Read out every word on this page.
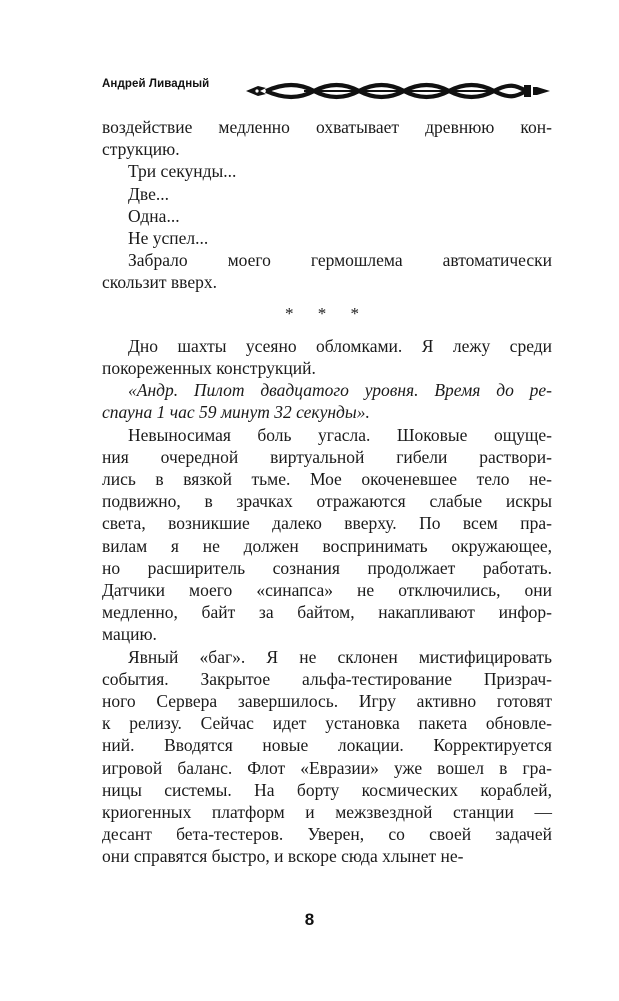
Андрей Ливадный

воздействие медленно охватывает древнюю кон-
струкцию.

Три секунды...

Две...

Одна...

Не успел...

Забрало моего гермошлема автоматически
скользит вверх.

* * *

Дно шахты усеяно обломками. Я лежу среди
покореженных конструкций.

«Андр. Пилот двадцатого уровня. Время до ре-
спауна 1 час 59 минут 32 секунды».

Невыносимая боль угасла. Шоковые ощуще-
ния очередной виртуальной гибели раствори-
лись в вязкой тьме. Мое окоченевшее тело не-
подвижно, в зрачках отражаются слабые искры
света, возникшие далеко вверху. По всем пра-
вилам я не должен воспринимать окружающее,
но расширитель сознания продолжает работать.
Датчики моего «синапса» не отключились, они
медленно, байт за байтом, накапливают инфор-
мацию.

Явный «баг». Я не склонен мистифицировать
события. Закрытое альфа-тестирование Призрач-
ного Сервера завершилось. Игру активно готовят
к релизу. Сейчас идет установка пакета обновле-
ний. Вводятся новые локации. Корректируется
игровой баланс. Флот «Евразии» уже вошел в гра-
ницы системы. На борту космических кораблей,
криогенных платформ и межзвездной станции —
десант бета-тестеров. Уверен, со своей задачей
они справятся быстро, и вскоре сюда хлынет не-

8
